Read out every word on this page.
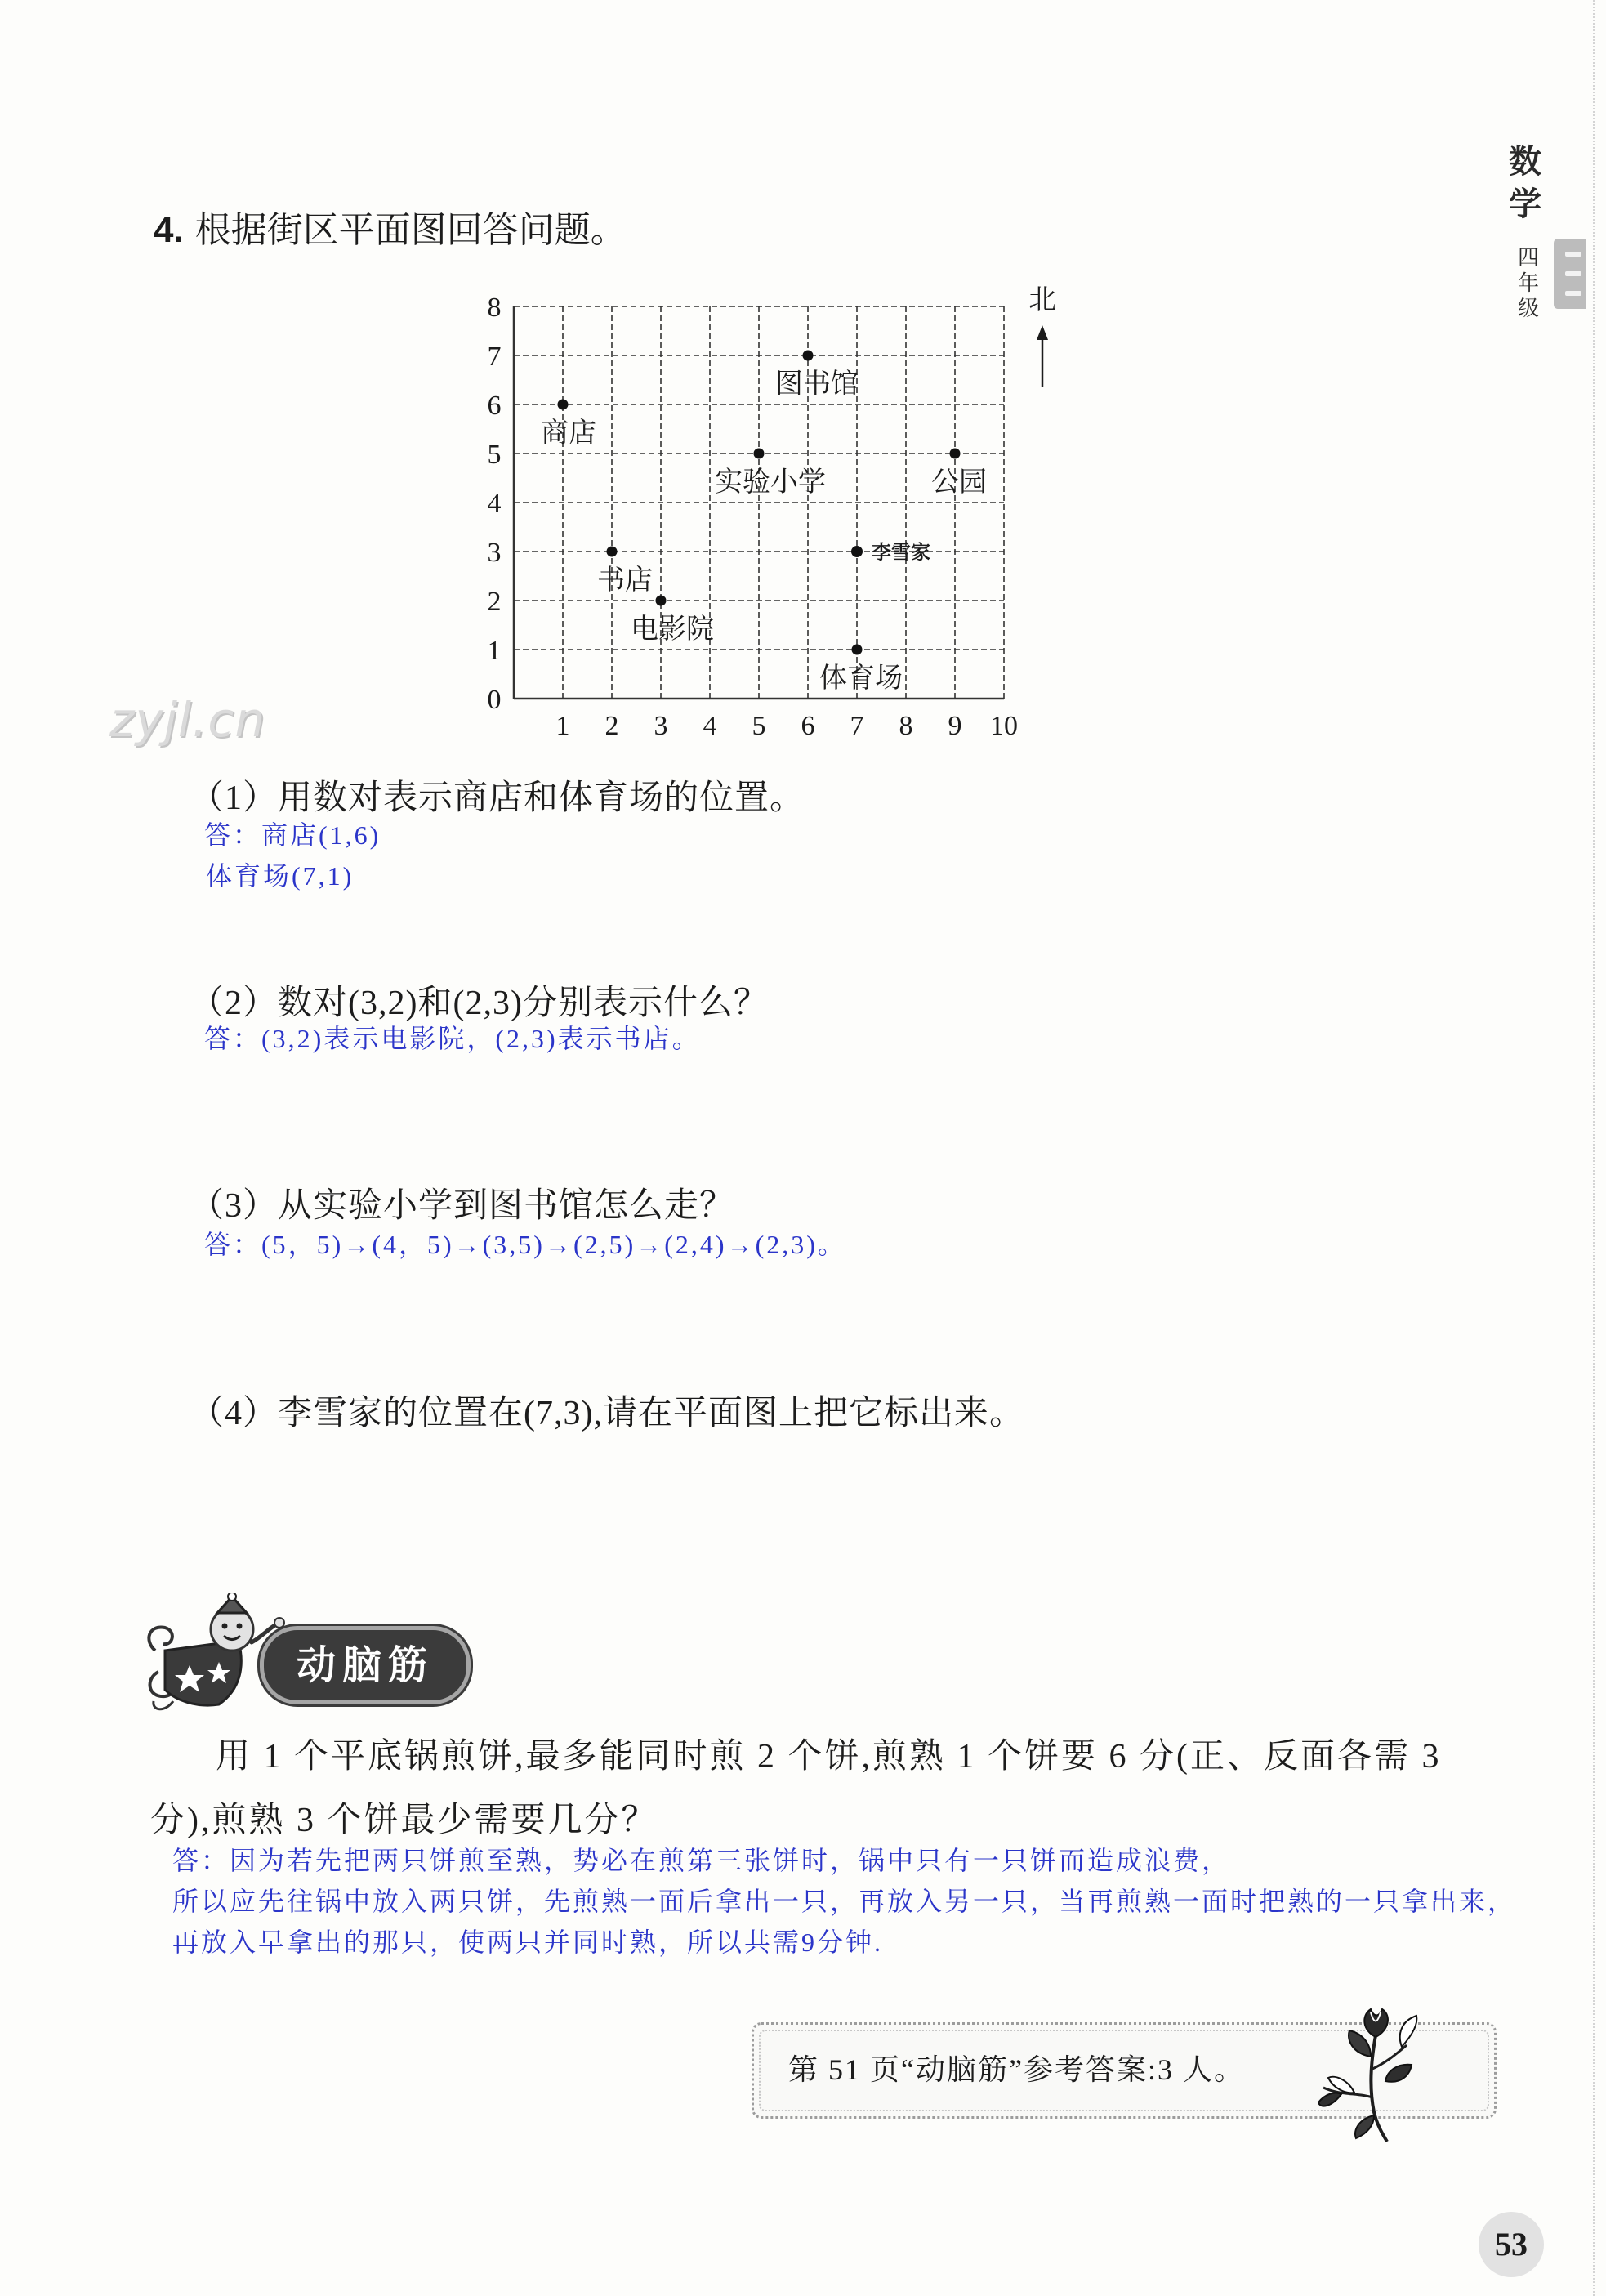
数学
四年级
4. 根据街区平面图回答问题。
1 2 3 4 5 6 7 8 9 10
0
1
2
3
4
5
6
7
8	北
商店
图书馆
实验小学	公园
李雪家
书店
电影院
体育场
zyjl.cn
（1）用数对表示商店和体育场的位置。
答：商店(1,6)
体育场(7,1)
（2）数对(3,2)和(2,3)分别表示什么？
答：(3,2)表示电影院，(2,3)表示书店。
（3）从实验小学到图书馆怎么走？
答：(5，5)→(4，5)→(3,5)→(2,5)→(2,4)→(2,3)。
（4）李雪家的位置在(7,3),请在平面图上把它标出来。
动脑筋
用 1 个平底锅煎饼,最多能同时煎 2 个饼,煎熟 1 个饼要 6 分(正、反面各需 3
分),煎熟 3 个饼最少需要几分？
答：因为若先把两只饼煎至熟，势必在煎第三张饼时，锅中只有一只饼而造成浪费，
所以应先往锅中放入两只饼，先煎熟一面后拿出一只，再放入另一只，当再煎熟一面时把熟的一只拿出来，
再放入早拿出的那只，使两只并同时熟，所以共需9分钟.
第 51 页“动脑筋”参考答案:3 人。
53
